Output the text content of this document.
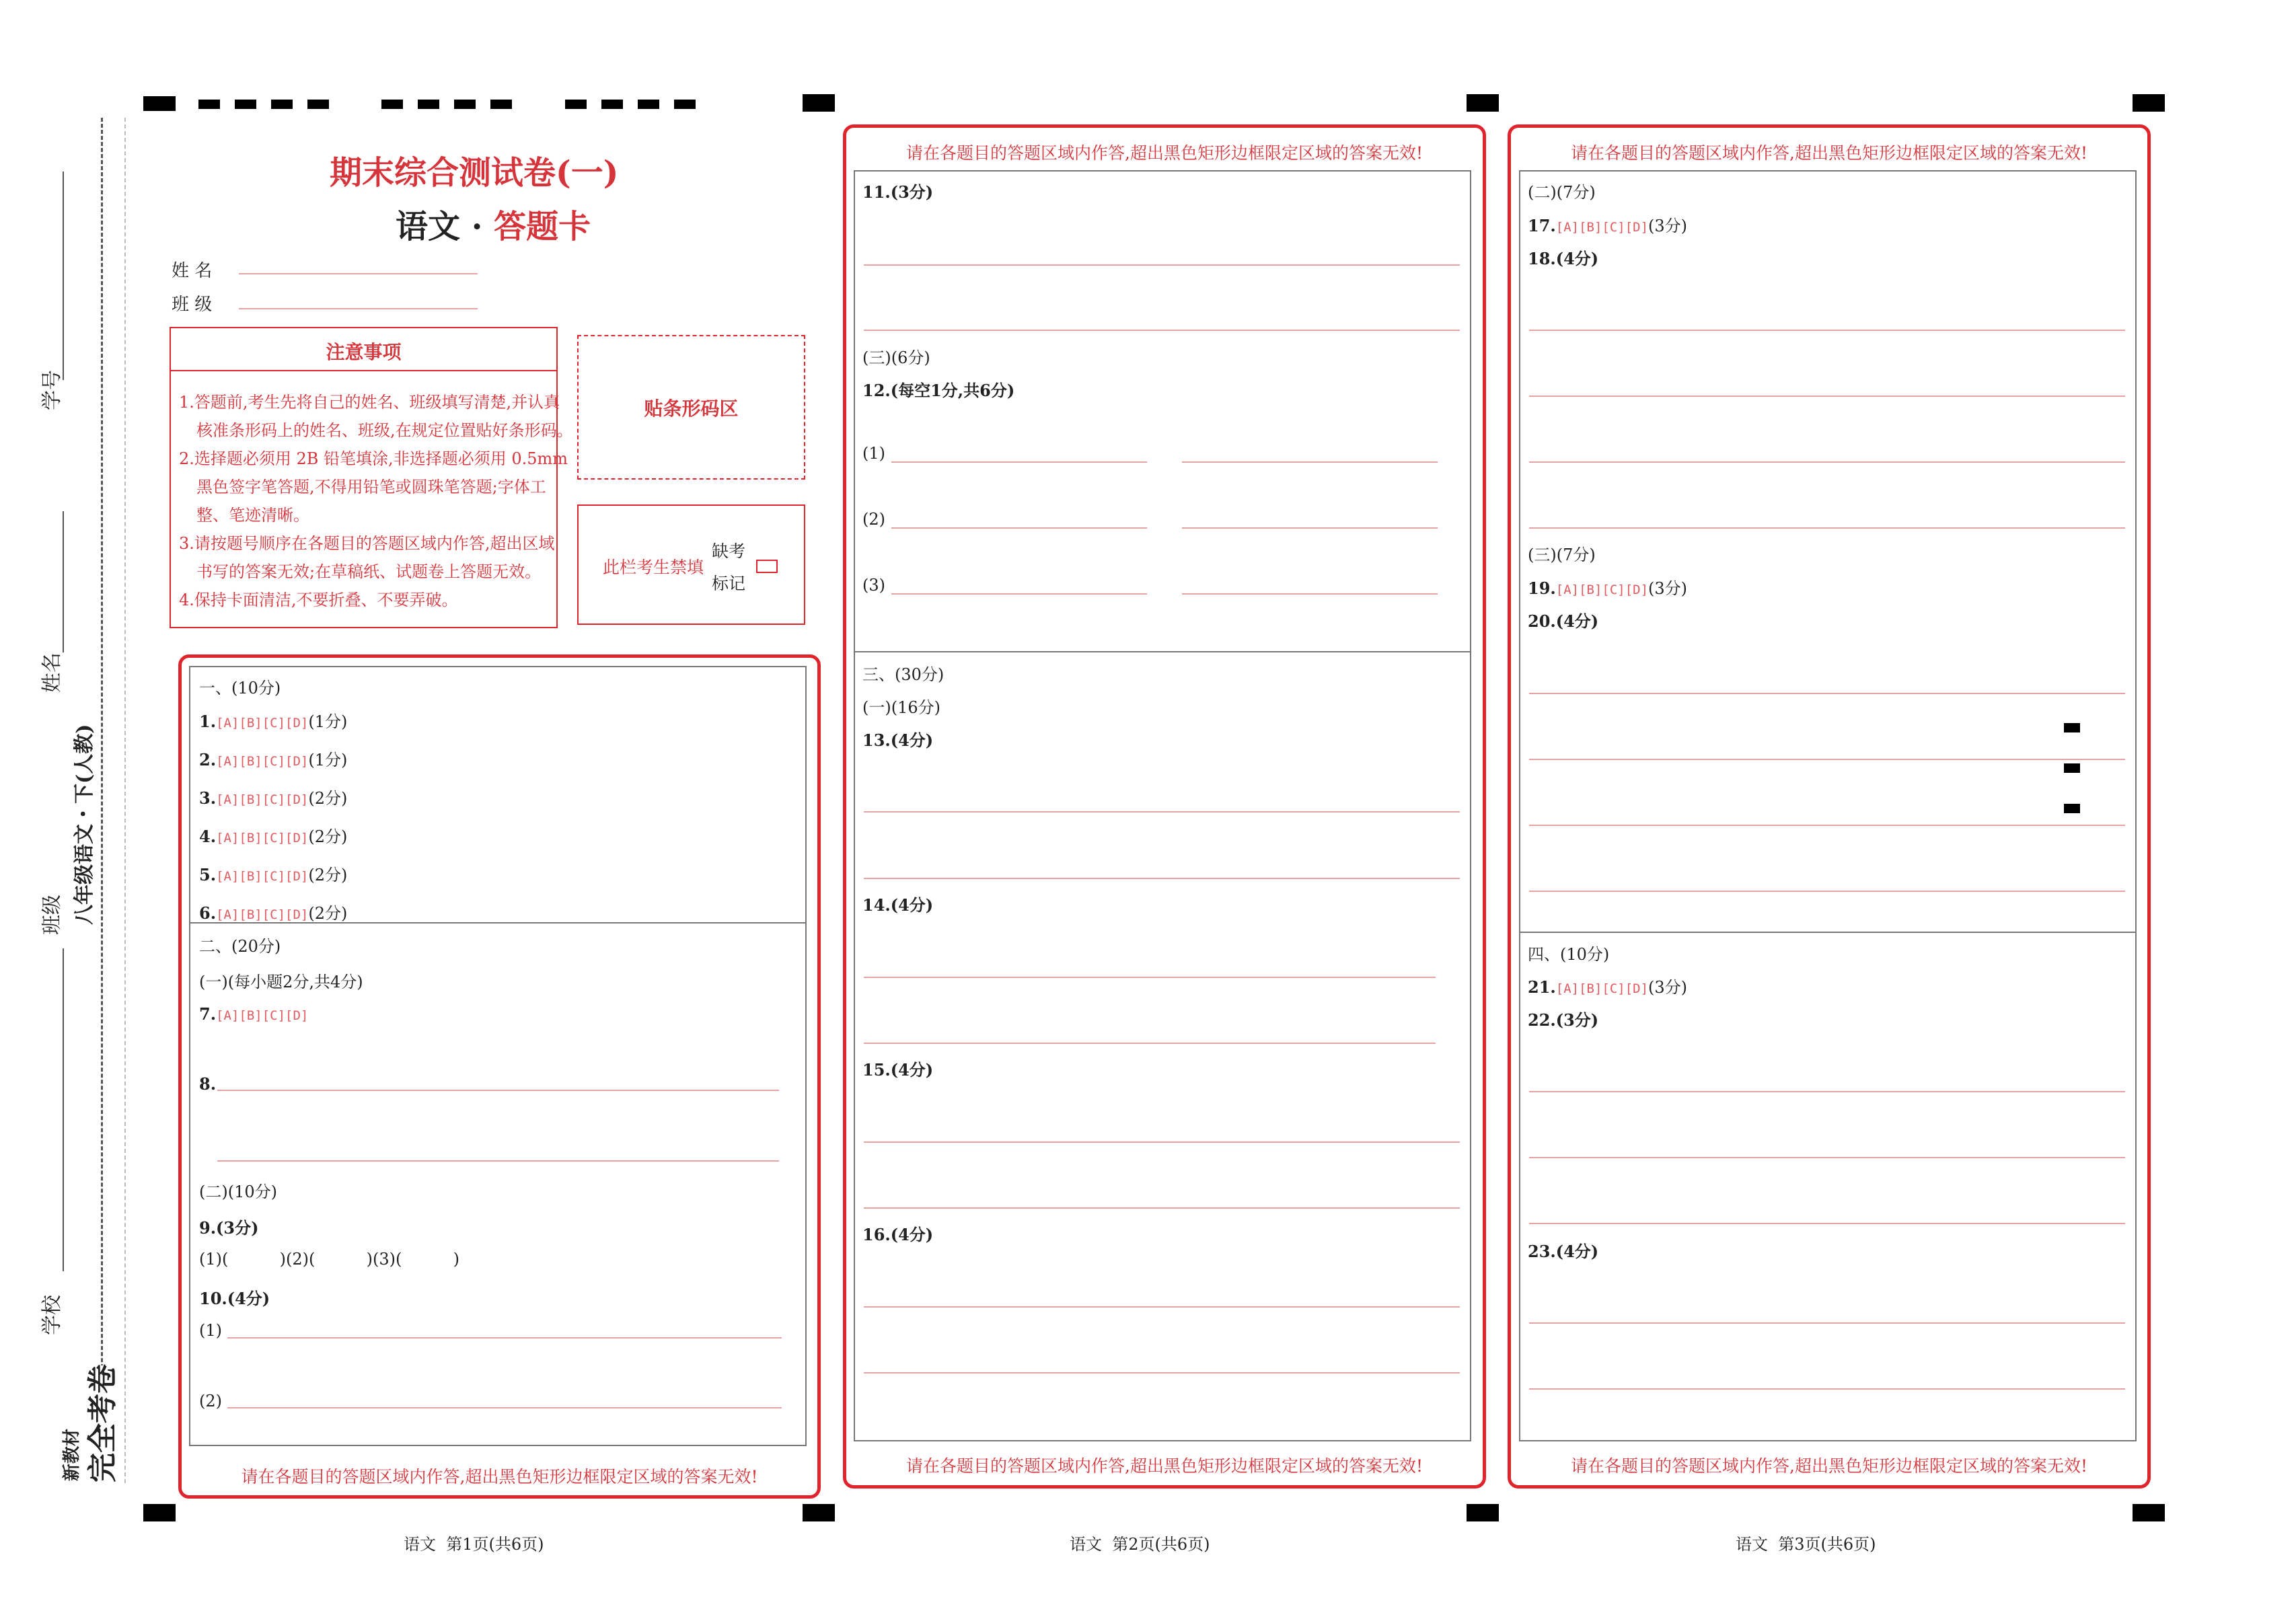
学号
姓名
班级
学校
八年级语文・下(人教)
新教材 完全考卷
期末综合测试卷(一)
语文 · 答题卡
姓 名
班 级
注意事项
1.答题前,考生先将自己的姓名、班级填写清楚,并认真
核准条形码上的姓名、班级,在规定位置贴好条形码。
2.选择题必须用 2B 铅笔填涂,非选择题必须用 0.5mm
黑色签字笔答题,不得用铅笔或圆珠笔答题;字体工
整、笔迹清晰。
3.请按题号顺序在各题目的答题区域内作答,超出区域
书写的答案无效;在草稿纸、试题卷上答题无效。
4.保持卡面清洁,不要折叠、不要弄破。
贴条形码区
此栏考生禁填
缺考
标记
请在各题目的答题区域内作答,超出黑色矩形边框限定区域的答案无效!
一、(10分)
1.[A][B][C][D](1分)
2.[A][B][C][D](1分)
3.[A][B][C][D](2分)
4.[A][B][C][D](2分)
5.[A][B][C][D](2分)
6.[A][B][C][D](2分)
二、(20分)
(一)(每小题2分,共4分)
7.[A][B][C][D]
8.
(二)(10分)
9.(3分)
(1)(          )(2)(          )(3)(          )
10.(4分)
(1)
(2)
请在各题目的答题区域内作答,超出黑色矩形边框限定区域的答案无效!
请在各题目的答题区域内作答,超出黑色矩形边框限定区域的答案无效!
11.(3分)
(三)(6分)
12.(每空1分,共6分)
(1)
(2)
(3)
三、(30分)
(一)(16分)
13.(4分)
14.(4分)
15.(4分)
16.(4分)
请在各题目的答题区域内作答,超出黑色矩形边框限定区域的答案无效!
请在各题目的答题区域内作答,超出黑色矩形边框限定区域的答案无效!
(二)(7分)
17.[A][B][C][D](3分)
18.(4分)
(三)(7分)
19.[A][B][C][D](3分)
20.(4分)
四、(10分)
21.[A][B][C][D](3分)
22.(3分)
23.(4分)
语文  第1页(共6页)	语文  第2页(共6页)	语文  第3页(共6页)
